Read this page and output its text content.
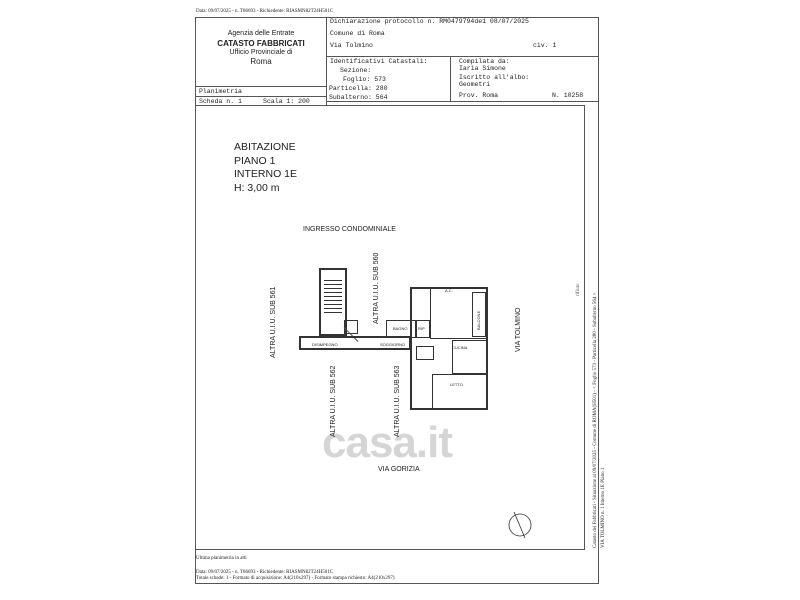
Data: 09/07/2025 - n. T86693 - Richiedente: RIASMN82T24H501C
Agenzia delle Entrate
CATASTO FABBRICATI
Ufficio Provinciale di
Roma
Dichiarazione protocollo n. RM0479794de1 08/07/2025
Comune di Roma
Via Tolmino	civ. 1
Identificativi Catastali:
Sezione:
Foglio: 573
Particella: 280
Subalterno: 564
Compilata da:
Iaria Simone
Iscritto all'albo:
Geometri
Prov. Roma	N. 10258
Planimetria
Scheda n. 1	Scala 1: 200
ABITAZIONE
PIANO 1
INTERNO 1E
H: 3,00 m
INGRESSO CONDOMINIALE
ALTRA U.I.U. SUB 561	ALTRA U.I.U. SUB 560
ALTRA U.I.U. SUB 562	ALTRA U.I.U. SUB 563
VIA TOLMINO
VIA GORIZIA
BAGNO	RIP
DISIMPEGNO	SOGGIORNO
A.C.
BALCONE
CUCINA
LETTO
casa.it	Catasto dei Fabbricati - Situazione al 09/07/2025 - Comune di ROMA(H501) - < Foglio 573 - Particella 280 - Subalterno 564 > VIA TOLMINO n. 1 Interno 1E Piano 1
rifiuto
Ultima planimetria in atti
Data: 09/07/2025 - n. T86693 - Richiedente: RIASMN82T24H501C
Totale schede: 1 - Formato di acquisizione: A4(210x297) - Formato stampa richiesto: A4(210x297)
